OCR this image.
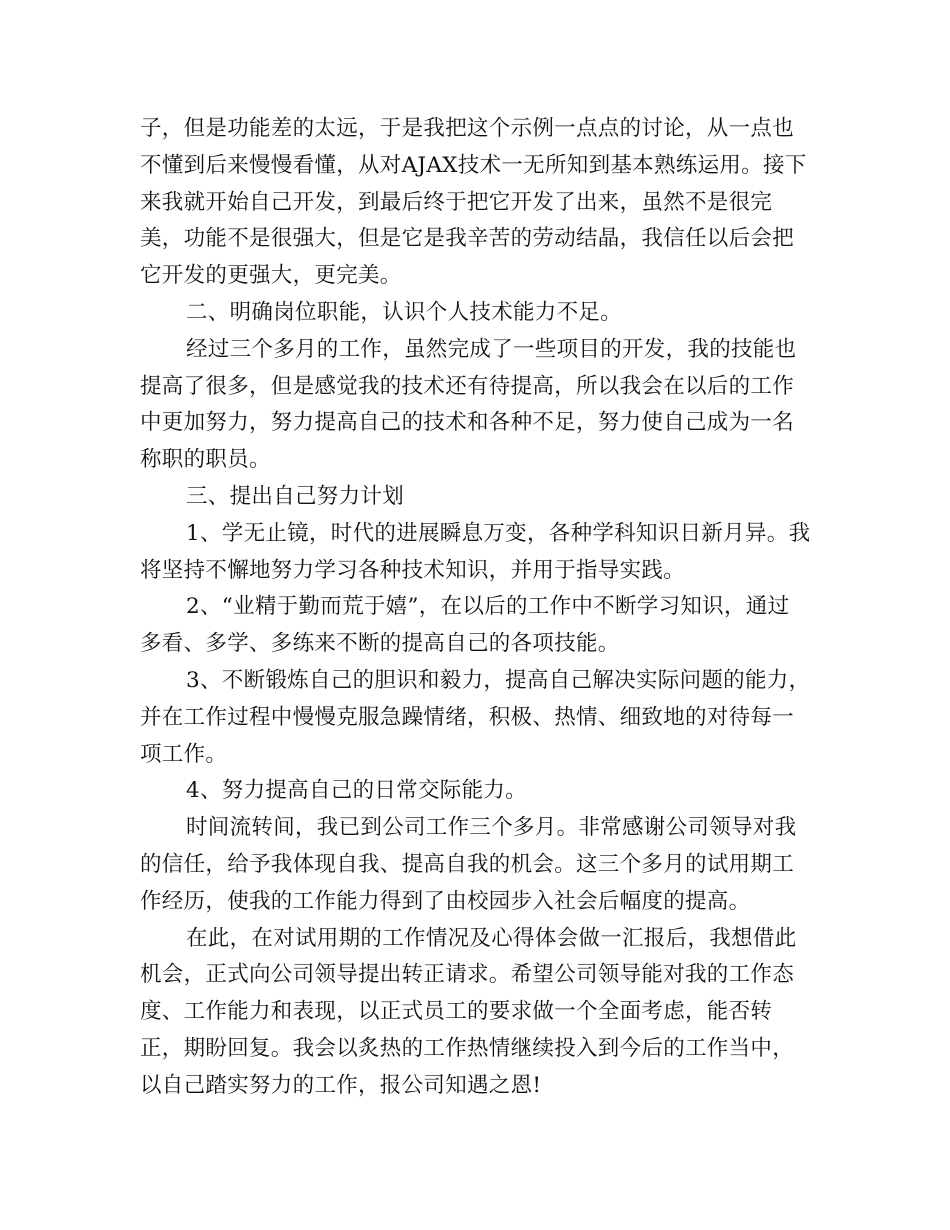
子，但是功能差的太远，于是我把这个示例一点点的讨论，从一点也
不懂到后来慢慢看懂，从对AJAX技术一无所知到基本熟练运用。接下
来我就开始自己开发，到最后终于把它开发了出来，虽然不是很完
美，功能不是很强大，但是它是我辛苦的劳动结晶，我信任以后会把
它开发的更强大，更完美。
二、明确岗位职能，认识个人技术能力不足。
经过三个多月的工作，虽然完成了一些项目的开发，我的技能也
提高了很多，但是感觉我的技术还有待提高，所以我会在以后的工作
中更加努力，努力提高自己的技术和各种不足，努力使自己成为一名
称职的职员。
三、提出自己努力计划
1、学无止镜，时代的进展瞬息万变，各种学科知识日新月异。我
将坚持不懈地努力学习各种技术知识，并用于指导实践。
2、“业精于勤而荒于嬉”，在以后的工作中不断学习知识，通过
多看、多学、多练来不断的提高自己的各项技能。
3、不断锻炼自己的胆识和毅力，提高自己解决实际问题的能力，
并在工作过程中慢慢克服急躁情绪，积极、热情、细致地的对待每一
项工作。
4、努力提高自己的日常交际能力。
时间流转间，我已到公司工作三个多月。非常感谢公司领导对我
的信任，给予我体现自我、提高自我的机会。这三个多月的试用期工
作经历，使我的工作能力得到了由校园步入社会后幅度的提高。
在此，在对试用期的工作情况及心得体会做一汇报后，我想借此
机会，正式向公司领导提出转正请求。希望公司领导能对我的工作态
度、工作能力和表现，以正式员工的要求做一个全面考虑，能否转
正，期盼回复。我会以炙热的工作热情继续投入到今后的工作当中，
以自己踏实努力的工作，报公司知遇之恩!
